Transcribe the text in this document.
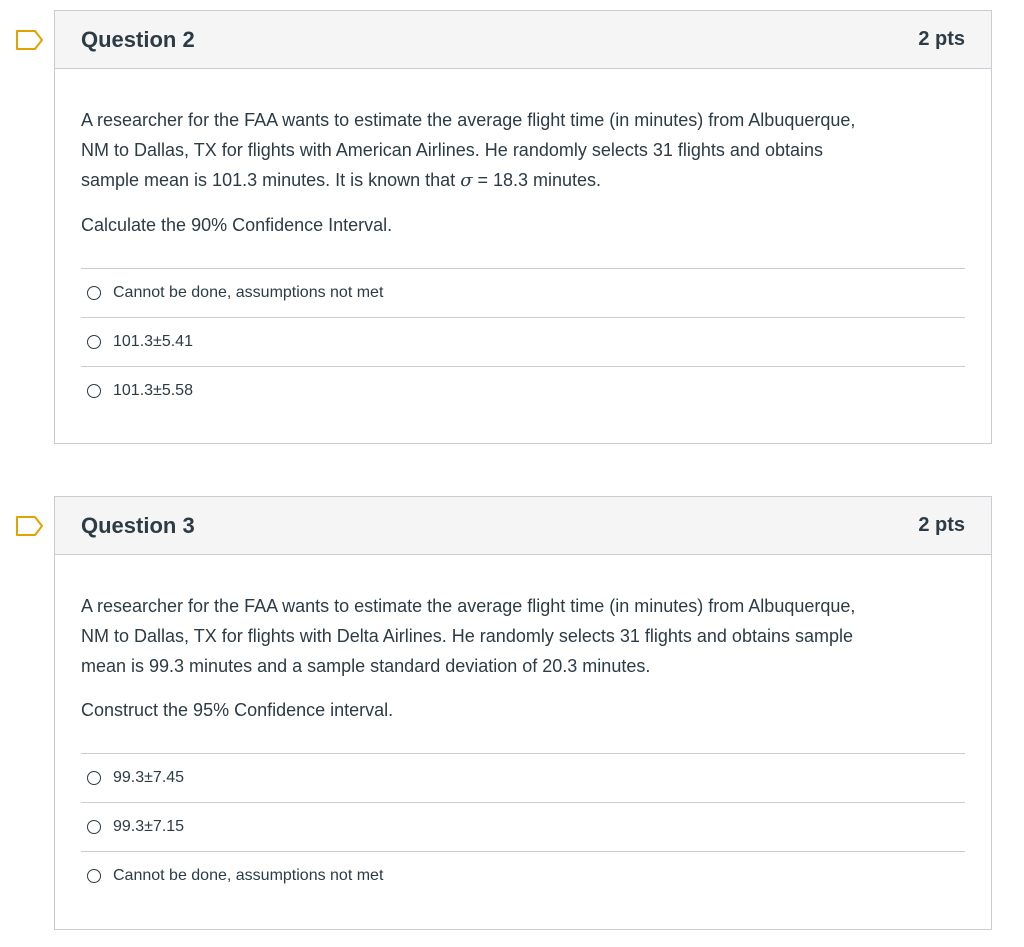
Question 2	2 pts

A researcher for the FAA wants to estimate the average flight time (in minutes) from Albuquerque,
NM to Dallas, TX for flights with American Airlines. He randomly selects 31 flights and obtains
sample mean is 101.3 minutes. It is known that σ = 18.3 minutes.

Calculate the 90% Confidence Interval.

Cannot be done, assumptions not met
101.3±5.41
101.3±5.58
Question 3	2 pts

A researcher for the FAA wants to estimate the average flight time (in minutes) from Albuquerque,
NM to Dallas, TX for flights with Delta Airlines. He randomly selects 31 flights and obtains sample
mean is 99.3 minutes and a sample standard deviation of 20.3 minutes.

Construct the 95% Confidence interval.

99.3±7.45
99.3±7.15
Cannot be done, assumptions not met
